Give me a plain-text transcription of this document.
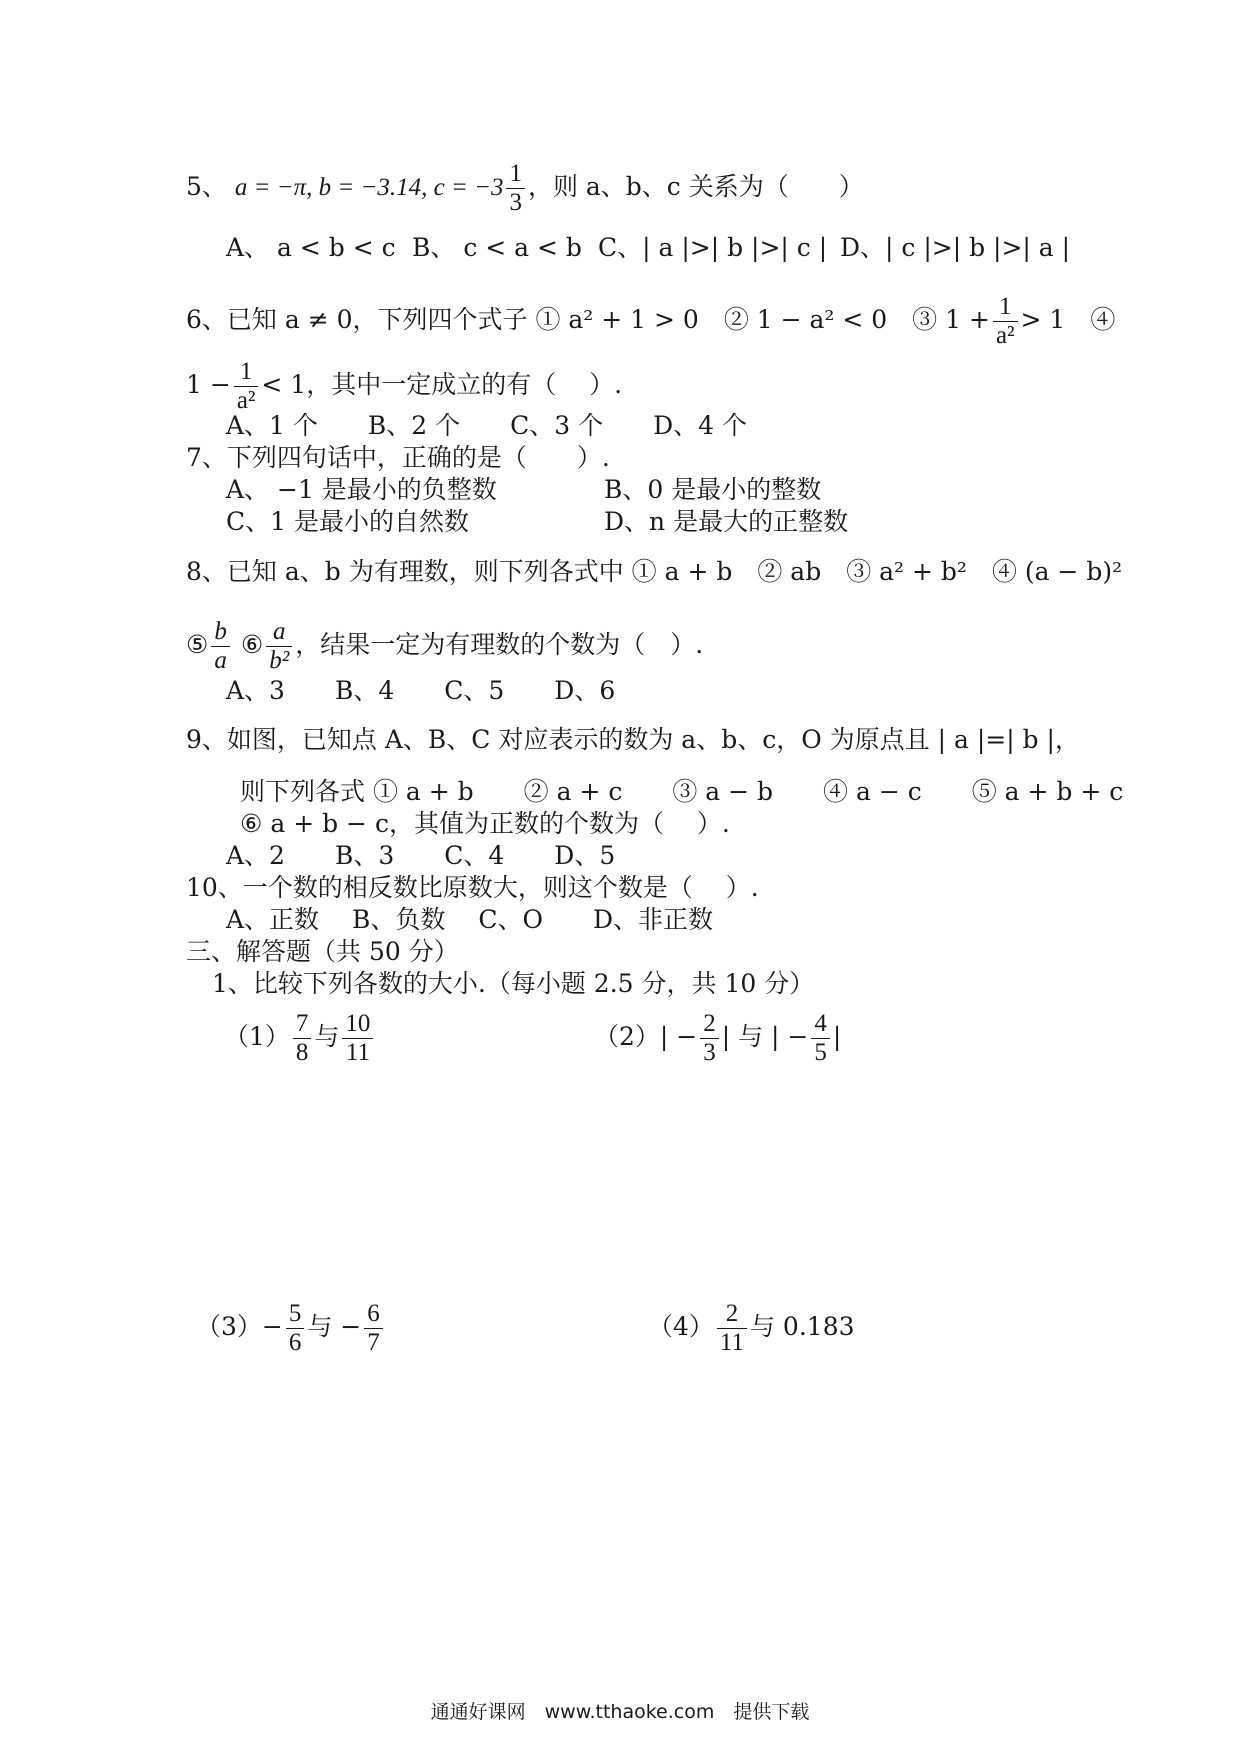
5、 a = −π, b = −3.14, $c = -3 \frac{1}{3}$ ，则 a、b、c 关系为（　　）
A、 a < b < c B、 c < a < b C、| a |>| b |>| c | D、| c |>| b |>| a |
6、已知 a ≠ 0，下列四个式子 ① a² + 1 > 0　② 1 − a² < 0　③ $1 + \frac{1}{\text{a²}} > 1$　④
$1 - \frac{1}{\text{a²}} < 1$，其中一定成立的有（　 ）.
A、1 个　　B、2 个　　C、3 个　　D、4 个
7、下列四句话中，正确的是（　　）.
A、 −1 是最小的负整数	B、0 是最小的整数
C、1 是最小的自然数	D、n 是最大的正整数
8、已知 a、b 为有理数，则下列各式中 ① a + b　② ab　③ a² + b²　④ (a − b)²
⑤ $\frac{b}{a}$ ⑥ $\frac{a}{\text{b²}}$ ，结果一定为有理数的个数为（　）.
A、3　　B、4　　C、5　　D、6
9、如图，已知点 A、B、C 对应表示的数为 a、b、c，O 为原点且 | a |=| b |，
则下列各式 ① a + b　　② a + c　　③ a − b　　④ a − c　　⑤ a + b + c
⑥ a + b − c，其值为正数的个数为（　 ）.
A、2　　B、3　　C、4　　D、5
10、一个数的相反数比原数大，则这个数是（　 ）.
A、正数　 B、负数　 C、O　　D、非正数
三、解答题（共 50 分）
1、比较下列各数的大小.（每小题 2.5 分，共 10 分）
$(1) \frac{7}{8}$ 与 $\frac{10}{11}$	$(2)| - \frac{2}{3}$ | 与 | − $\frac{4}{5}$ |
$(3)- \frac{5}{6}$ 与 − $\frac{6}{7}$	$(4) \frac{2}{11}$ 与 0.183
通通好课网　www.tthaoke.com　提供下载
